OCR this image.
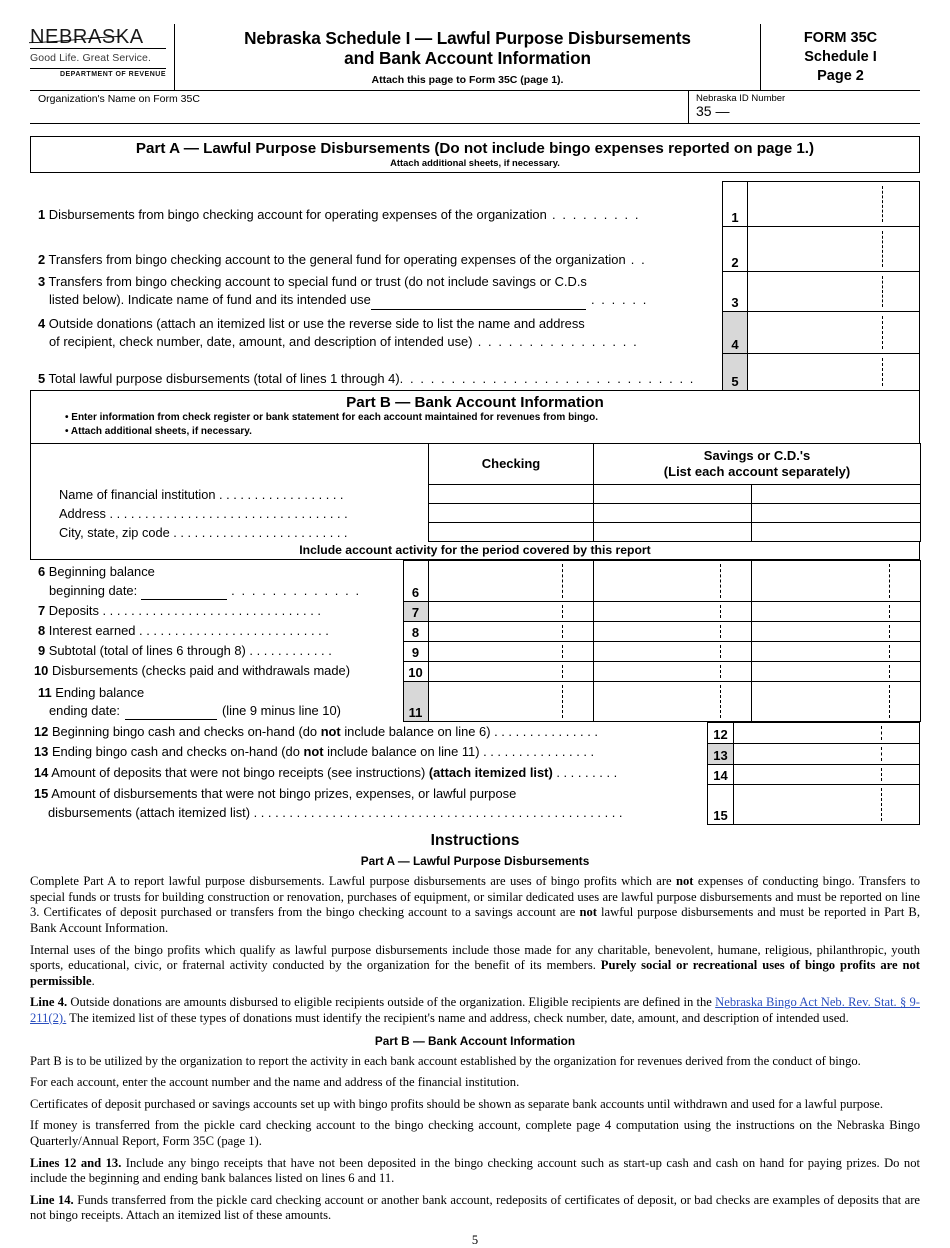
NEBRASKA
Good Life. Great Service.
DEPARTMENT OF REVENUE
Nebraska Schedule I — Lawful Purpose Disbursements
and Bank Account Information
Attach this page to Form 35C (page 1).
FORM 35C
Schedule I
Page 2
Organization's Name on Form 35C	Nebraska ID Number
35 —
Part A — Lawful Purpose Disbursements (Do not include bingo expenses reported on page 1.)
Attach additional sheets, if necessary.
1 Disbursements from bingo checking account for operating expenses of the organization . . . . . . . . .	1	

2 Transfers from bingo checking account to the general fund for operating expenses of the organization . .	2	

3 Transfers from bingo checking account to special fund or trust (do not include savings or C.D.s
listed below). Indicate name of fund and its intended use . . . . . .	3	

4 Outside donations (attach an itemized list or use the reverse side to list the name and address
of recipient, check number, date, amount, and description of intended use) . . . . . . . . . . . . . . . .	4	

5 Total lawful purpose disbursements (total of lines 1 through 4). . . . . . . . . . . . . . . . . . . . . . . . . . . . .	5	
Part B — Bank Account Information
• Enter information from check register or bank statement for each account maintained for revenues from bingo.
• Attach additional sheets, if necessary.
	Checking	Savings or C.D.'s
(List each account separately)	

Name of financial institution . . . . . . . . . . . . . . . . . .			
Address . . . . . . . . . . . . . . . . . . . . . . . . . . . . . . . . . .			
City, state, zip code . . . . . . . . . . . . . . . . . . . . . . . . .			
Include account activity for the period covered by this report
6 Beginning balance
beginning date: . . . . . . . . . . . . .	6	

7 Deposits . . . . . . . . . . . . . . . . . . . . . . . . . . . . . . .	7	

8 Interest earned . . . . . . . . . . . . . . . . . . . . . . . . . . .	8	

9 Subtotal (total of lines 6 through 8) . . . . . . . . . . . .	9	

10 Disbursements (checks paid and withdrawals made)	10	

11 Ending balance
ending date: (line 9 minus line 10)	11	

12 Beginning bingo cash and checks on-hand (do not include balance on line 6) . . . . . . . . . . . . . . .	12	

13 Ending bingo cash and checks on-hand (do not include balance on line 11) . . . . . . . . . . . . . . . .	13	

14 Amount of deposits that were not bingo receipts (see instructions) (attach itemized list) . . . . . . . . .	14	

15 Amount of disbursements that were not bingo prizes, expenses, or lawful purpose
disbursements (attach itemized list) . . . . . . . . . . . . . . . . . . . . . . . . . . . . . . . . . . . . . . . . . . . . . . . . . . . .	15	
Instructions
Part A — Lawful Purpose Disbursements
Complete Part A to report lawful purpose disbursements. Lawful purpose disbursements are uses of bingo profits which are not expenses of conducting bingo. Transfers to special funds or trusts for building construction or renovation, purchases of equipment, or similar dedicated uses are lawful purpose disbursements and must be reported on line 3. Certificates of deposit purchased or transfers from the bingo checking account to a savings account are not lawful purpose disbursements and must be reported in Part B, Bank Account Information.
Internal uses of the bingo profits which qualify as lawful purpose disbursements include those made for any charitable, benevolent, humane, religious, philanthropic, youth sports, educational, civic, or fraternal activity conducted by the organization for the benefit of its members. Purely social or recreational uses of bingo profits are not permissible.
Line 4. Outside donations are amounts disbursed to eligible recipients outside of the organization. Eligible recipients are defined in the Nebraska Bingo Act Neb. Rev. Stat. § 9-211(2). The itemized list of these types of donations must identify the recipient's name and address, check number, date, amount, and description of intended used.
Part B — Bank Account Information
Part B is to be utilized by the organization to report the activity in each bank account established by the organization for revenues derived from the conduct of bingo.
For each account, enter the account number and the name and address of the financial institution.
Certificates of deposit purchased or savings accounts set up with bingo profits should be shown as separate bank accounts until withdrawn and used for a lawful purpose.
If money is transferred from the pickle card checking account to the bingo checking account, complete page 4 computation using the instructions on the Nebraska Bingo Quarterly/Annual Report, Form 35C (page 1).
Lines 12 and 13. Include any bingo receipts that have not been deposited in the bingo checking account such as start-up cash and cash on hand for paying prizes. Do not include the beginning and ending bank balances listed on lines 6 and 11.
Line 14. Funds transferred from the pickle card checking account or another bank account, redeposits of certificates of deposit, or bad checks are examples of deposits that are not bingo receipts. Attach an itemized list of these amounts.
5
